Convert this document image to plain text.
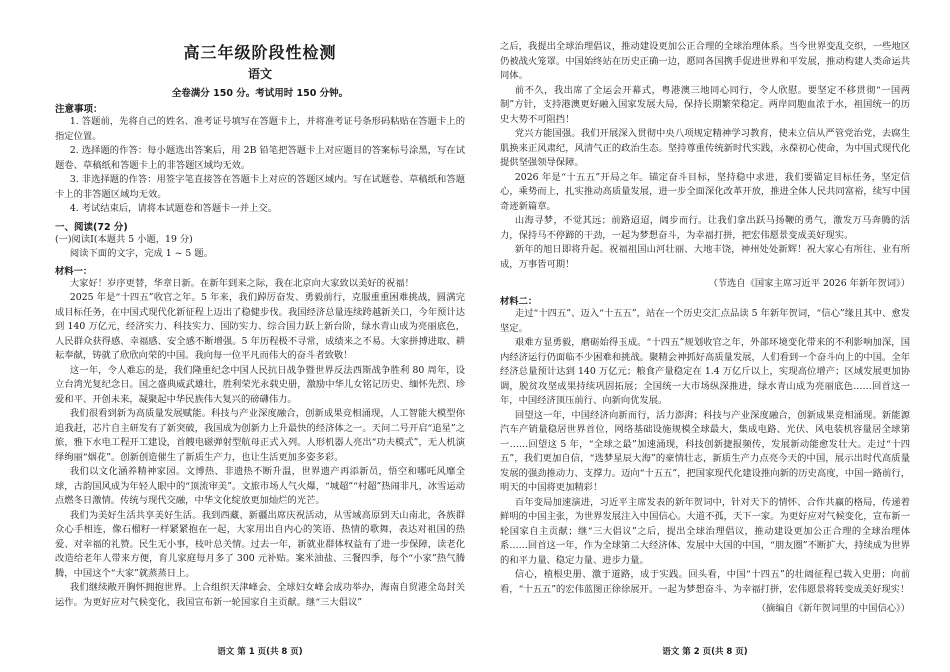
高三年级阶段性检测
语文
全卷满分 150 分。考试用时 150 分钟。
注意事项：

1. 答题前，先将自己的姓名、准考证号填写在答题卡上，并将准考证号条形码粘贴在答题卡上的指定位置。

2. 选择题的作答：每小题选出答案后，用 2B 铅笔把答题卡上对应题目的答案标号涂黑，写在试题卷、草稿纸和答题卡上的非答题区域均无效。

3. 非选择题的作答：用签字笔直接答在答题卡上对应的答题区域内。写在试题卷、草稿纸和答题卡上的非答题区域均无效。

4. 考试结束后，请将本试题卷和答题卡一并上交。

一、阅读(72 分)
(一)阅读Ⅰ(本题共 5 小题，19 分)
阅读下面的文字，完成 1 ~ 5 题。
材料一：

大家好！岁序更替，华章日新。在新年到来之际，我在北京向大家致以美好的祝福！

2025 年是“十四五”收官之年。5 年来，我们踔厉奋发、勇毅前行，克服重重困难挑战，圆满完成目标任务，在中国式现代化新征程上迈出了稳健步伐。我国经济总量连续跨越新关口，今年预计达到 140 万亿元，经济实力、科技实力、国防实力、综合国力跃上新台阶，绿水青山成为亮丽底色，人民群众获得感、幸福感、安全感不断增强。5 年历程极不寻常，成绩来之不易。大家拼搏进取、耕耘奉献，铸就了欣欣向荣的中国。我向每一位平凡而伟大的奋斗者致敬！

这一年，令人难忘的是，我们隆重纪念中国人民抗日战争暨世界反法西斯战争胜利 80 周年，设立台湾光复纪念日。国之盛典威武雄壮，胜利荣光永载史册，激励中华儿女铭记历史、缅怀先烈、珍爱和平、开创未来，凝聚起中华民族伟大复兴的磅礴伟力。

我们很看到新为高质量发展赋能。科技与产业深度融合，创新成果竞相涌现，人工智能大模型你追我赶，芯片自主研发有了新突破，我国成为创新力上升最快的经济体之一。天问二号开启“追星”之旅，雅下水电工程开工建设，首艘电磁弹射型航母正式入列。人形机器人亮出“功夫模式”，无人机演绎绚丽“烟花”。创新创造催生了新质生产力，也让生活更加多姿多彩。

我们以文化涵养精神家园。文博热、非遗热不断升温，世界遗产再添新员，悟空和哪吒风靡全球，古韵国风成为年轻人眼中的“顶流审美”。文旅市场人气火爆，“城超”“村超”热闹非凡，冰雪运动点燃冬日激情。传统与现代交融，中华文化绽放更加灿烂的光芒。

我们为美好生活共享美好生活。我到西藏、新疆出席庆祝活动，从雪域高原到天山南北，各族群众心手相连，像石榴籽一样紧紧抱在一起，大家用出自内心的笑语、热情的歌舞，表达对祖国的热爱、对幸福的礼赞。民生无小事，枝叶总关情。过去一年，新就业群体权益有了进一步保障，读老化改造给老年人带来方便，育儿家庭每月多了 300 元补贴。案米油盐、三餐四季，每个“小家”热气腾腾，中国这个“大家”就蒸蒸日上。

我们继续敞开胸怀拥抱世界。上合组织天津峰会、全球妇女峰会成功举办，海南自贸港全岛封关运作。为更好应对气候变化，我国宣布新一轮国家自主贡献。继“三大倡议”

语文 第 1 页(共 8 页)

之后，我提出全球治理倡议，推动建设更加公正合理的全球治理体系。当今世界变乱交织，一些地区仍被战火笼罩。中国始终站在历史正确一边，愿同各国携手促进世界和平发展，推动构建人类命运共同体。

前不久，我出席了全运会开幕式，粤港澳三地同心同行，令人欣慰。要坚定不移贯彻“一国两制”方针，支持港澳更好融入国家发展大局，保持长期繁荣稳定。两岸同胞血浓于水，祖国统一的历史大势不可阻挡！

党兴方能国强。我们开展深入贯彻中央八项规定精神学习教育，使未立信从严管党治党，去腐生肌换来正风肃纪，风清气正的政治生态。坚持尊重传统新时代实践，永葆初心使命，为中国式现代化提供坚强领导保障。

2026 年是“十五五”开局之年。锚定奋斗目标，坚持稳中求进，我们要锚定目标任务，坚定信心，乘势而上，扎实推动高质量发展，进一步全面深化改革开放，推进全体人民共同富裕，续写中国奇迹新篇章。

山海寻梦，不觉其远；前路迢迢，阔步而行。让我们拿出跃马扬鞭的勇气，激发万马奔腾的活力，保持马不停蹄的干劲，一起为梦想奋斗，为幸福打拼，把宏伟愿景变成美好现实。

新年的旭日即将升起。祝福祖国山河壮丽、大地丰饶，神州处处新辉！祝大家心有所往、业有所成，万事皆可期！

（节选自《国家主席习近平 2026 年新年贺词》）
材料二：

走过“十四五”、迈入“十五五”，站在一个历史交汇点品读 5 年新年贺词，“信心”缘且其中、愈发坚定。

艰难方显勇毅，磨砺始得玉成。“十四五”规划收官之年，外部环境变化带来的不利影响加深，国内经济运行仍面临不少困难和挑战。聚精会神抓好高质量发展，人们看到一个奋斗向上的中国。全年经济总量预计达到 140 万亿元；粮食产量稳定在 1.4 万亿斤以上，实现高位增产；区域发展更加协调，脱贫攻坚成果持续巩固拓展；全国统一大市场纵深推进，绿水青山成为亮丽底色……回首这一年，中国经济顶压前行、向新向优发展。

回望这一年，中国经济向新而行，活力澎湃；科技与产业深度融合，创新成果竞相涌现。新能源汽车产销量稳居世界首位，网络基础设施规模全球最大，集成电路、光伏、风电装机容量居全球第一……回望这 5 年，“全球之最”加速涌现，科技创新捷报频传，发展新动能愈发壮大。走过“十四五”，我们更加自信，“选梦星辰大海”的豪情壮志，新质生产力点亮今天的中国，展示出时代高质量发展的强劲推动力、支撑力。迈向“十五五”，把国家现代化建设推向新的历史高度，中国一路前行，明天的中国将更加精彩！

百年变局加速演进，习近平主席发表的新年贺词中，针对天下的情怀、合作共赢的格局，传递着鲜明的中国主张，为世界发展注入中国信心。大道不孤，天下一家。为更好应对气候变化，宣布新一轮国家自主贡献；继“三大倡议”之后，提出全球治理倡议，推动建设更加公正合理的全球治理体系……回首这一年，作为全球第二大经济体、发展中大国的中国，“朋友圈”不断扩大，持续成为世界的和平力量、稳定力量、进步力量。

信心，植根史册、激于道路，成于实践。回头看，中国“十四五”的壮阔征程已载入史册；向前看，“十五五”的宏伟蓝图正徐徐展开。一起为梦想奋斗、为幸福打拼，宏伟愿景将转变成美好现实！

（摘编自《新年贺词里的中国信心》）
语文 第 2 页(共 8 页)
